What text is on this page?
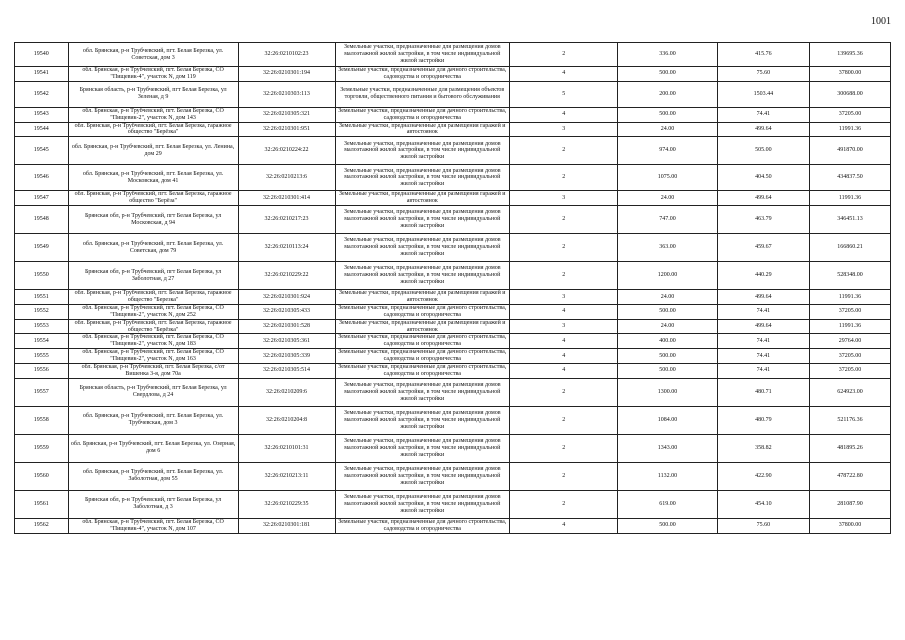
1001
19540	обл. Брянская, р-н Трубчевский, пгт. Белая Березка, ул. Советская, дом 3	32:26:0210102:23	Земельные участки, предназначенные для размещения домов малоэтажной жилой застройки, в том числе индивидуальной жилой застройки	2	336.00	415.76	139695.36
19541	обл. Брянская, р-н Трубчевский, пгт. Белая Березка, СО "Пищевик-4", участок N, дом 119	32:26:0210301:194	Земельные участки, предназначенные для дачного строительства, садоводства и огородничества	4	500.00	75.60	37800.00
19542	Брянская область, р-н Трубчевский, пгт Белая Березка, ул Зеленая, д 9	32:26:0210303:113	Земельные участки, предназначенные для размещения объектов торговли, общественного питания и бытового обслуживания	5	200.00	1503.44	300688.00
19543	обл. Брянская, р-н Трубчевский, пгт. Белая Березка, СО "Пищевик-2", участок N, дом 143	32:26:0210305:321	Земельные участки, предназначенные для дачного строительства, садоводства и огородничества	4	500.00	74.41	37205.00
19544	обл. Брянская, р-н Трубчевский, пгт. Белая Березка, гаражное общество "Берёзка"	32:26:0210301:951	Земельные участки, предназначенные для размещения гаражей и автостоянок	3	24.00	499.64	11991.36
19545	обл. Брянская, р-н Трубчевский, пгт. Белая Березка, ул. Ленина, дом 29	32:26:0210224:22	Земельные участки, предназначенные для размещения домов малоэтажной жилой застройки, в том числе индивидуальной жилой застройки	2	974.00	505.00	491870.00
19546	обл. Брянская, р-н Трубчевский, пгт. Белая Березка, ул. Московская, дом 41	32:26:0210213:6	Земельные участки, предназначенные для размещения домов малоэтажной жилой застройки, в том числе индивидуальной жилой застройки	2	1075.00	404.50	434837.50
19547	обл. Брянская, р-н Трубчевский, пгт. Белая Березка, гаражное общество "Берёза"	32:26:0210301:414	Земельные участки, предназначенные для размещения гаражей и автостоянок	3	24.00	499.64	11991.36
19548	Брянская обл, р-н Трубчевский, пгт Белая Березка, ул Московская, д 94	32:26:0210217:23	Земельные участки, предназначенные для размещения домов малоэтажной жилой застройки, в том числе индивидуальной жилой застройки	2	747.00	463.79	346451.13
19549	обл. Брянская, р-н Трубчевский, пгт. Белая Березка, ул. Советская, дом 79	32:26:0210113:24	Земельные участки, предназначенные для размещения домов малоэтажной жилой застройки, в том числе индивидуальной жилой застройки	2	363.00	459.67	166860.21
19550	Брянская обл, р-н Трубчевский, пгт Белая Березка, ул Заболотная, д 27	32:26:0210229:22	Земельные участки, предназначенные для размещения домов малоэтажной жилой застройки, в том числе индивидуальной жилой застройки	2	1200.00	440.29	528348.00
19551	обл. Брянская, р-н Трубчевский, пгт. Белая Березка, гаражное общество "Березка"	32:26:0210301:924	Земельные участки, предназначенные для размещения гаражей и автостоянок	3	24.00	499.64	11991.36
19552	обл. Брянская, р-н Трубчевский, пгт. Белая Березка, СО "Пищевик-2", участок N, дом 252	32:26:0210305:433	Земельные участки, предназначенные для дачного строительства, садоводства и огородничества	4	500.00	74.41	37205.00
19553	обл. Брянская, р-н Трубчевский, пгт. Белая Березка, гаражное общество "Берёзка"	32:26:0210301:528	Земельные участки, предназначенные для размещения гаражей и автостоянок	3	24.00	499.64	11991.36
19554	обл. Брянская, р-н Трубчевский, пгт. Белая Березка, СО "Пищевик-2", участок N, дом 183	32:26:0210305:361	Земельные участки, предназначенные для дачного строительства, садоводства и огородничества	4	400.00	74.41	29764.00
19555	обл. Брянская, р-н Трубчевский, пгт. Белая Березка, СО "Пищевик-2", участок N, дом 163	32:26:0210305:339	Земельные участки, предназначенные для дачного строительства, садоводства и огородничества	4	500.00	74.41	37205.00
19556	обл. Брянская, р-н Трубчевский, пгт. Белая Березка, с/от Вишенка 3-я, дом 70а	32:26:0210305:514	Земельные участки, предназначенные для дачного строительства, садоводства и огородничества	4	500.00	74.41	37205.00
19557	Брянская область, р-н Трубчевский, пгт Белая Березка, ул Свердлова, д 24	32:26:0210209:6	Земельные участки, предназначенные для размещения домов малоэтажной жилой застройки, в том числе индивидуальной жилой застройки	2	1300.00	480.71	624923.00
19558	обл. Брянская, р-н Трубчевский, пгт. Белая Березка, ул. Трубчевская, дом 3	32:26:0210204:8	Земельные участки, предназначенные для размещения домов малоэтажной жилой застройки, в том числе индивидуальной жилой застройки	2	1084.00	480.79	521176.36
19559	обл. Брянская, р-н Трубчевский, пгт. Белая Березка, ул. Озерная, дом 6	32:26:0210101:31	Земельные участки, предназначенные для размещения домов малоэтажной жилой застройки, в том числе индивидуальной жилой застройки	2	1343.00	358.82	481895.26
19560	обл. Брянская, р-н Трубчевский, пгт. Белая Березка, ул. Заболотная, дом 55	32:26:0210213:11	Земельные участки, предназначенные для размещения домов малоэтажной жилой застройки, в том числе индивидуальной жилой застройки	2	1132.00	422.90	478722.80
19561	Брянская обл, р-н Трубчевский, пгт Белая Березка, ул Заболотная, д 3	32:26:0210229:35	Земельные участки, предназначенные для размещения домов малоэтажной жилой застройки, в том числе индивидуальной жилой застройки	2	619.00	454.10	281087.90
19562	обл. Брянская, р-н Трубчевский, пгт. Белая Березка, СО "Пищевик-4", участок N, дом 107	32:26:0210301:181	Земельные участки, предназначенные для дачного строительства, садоводства и огородничества	4	500.00	75.60	37800.00
